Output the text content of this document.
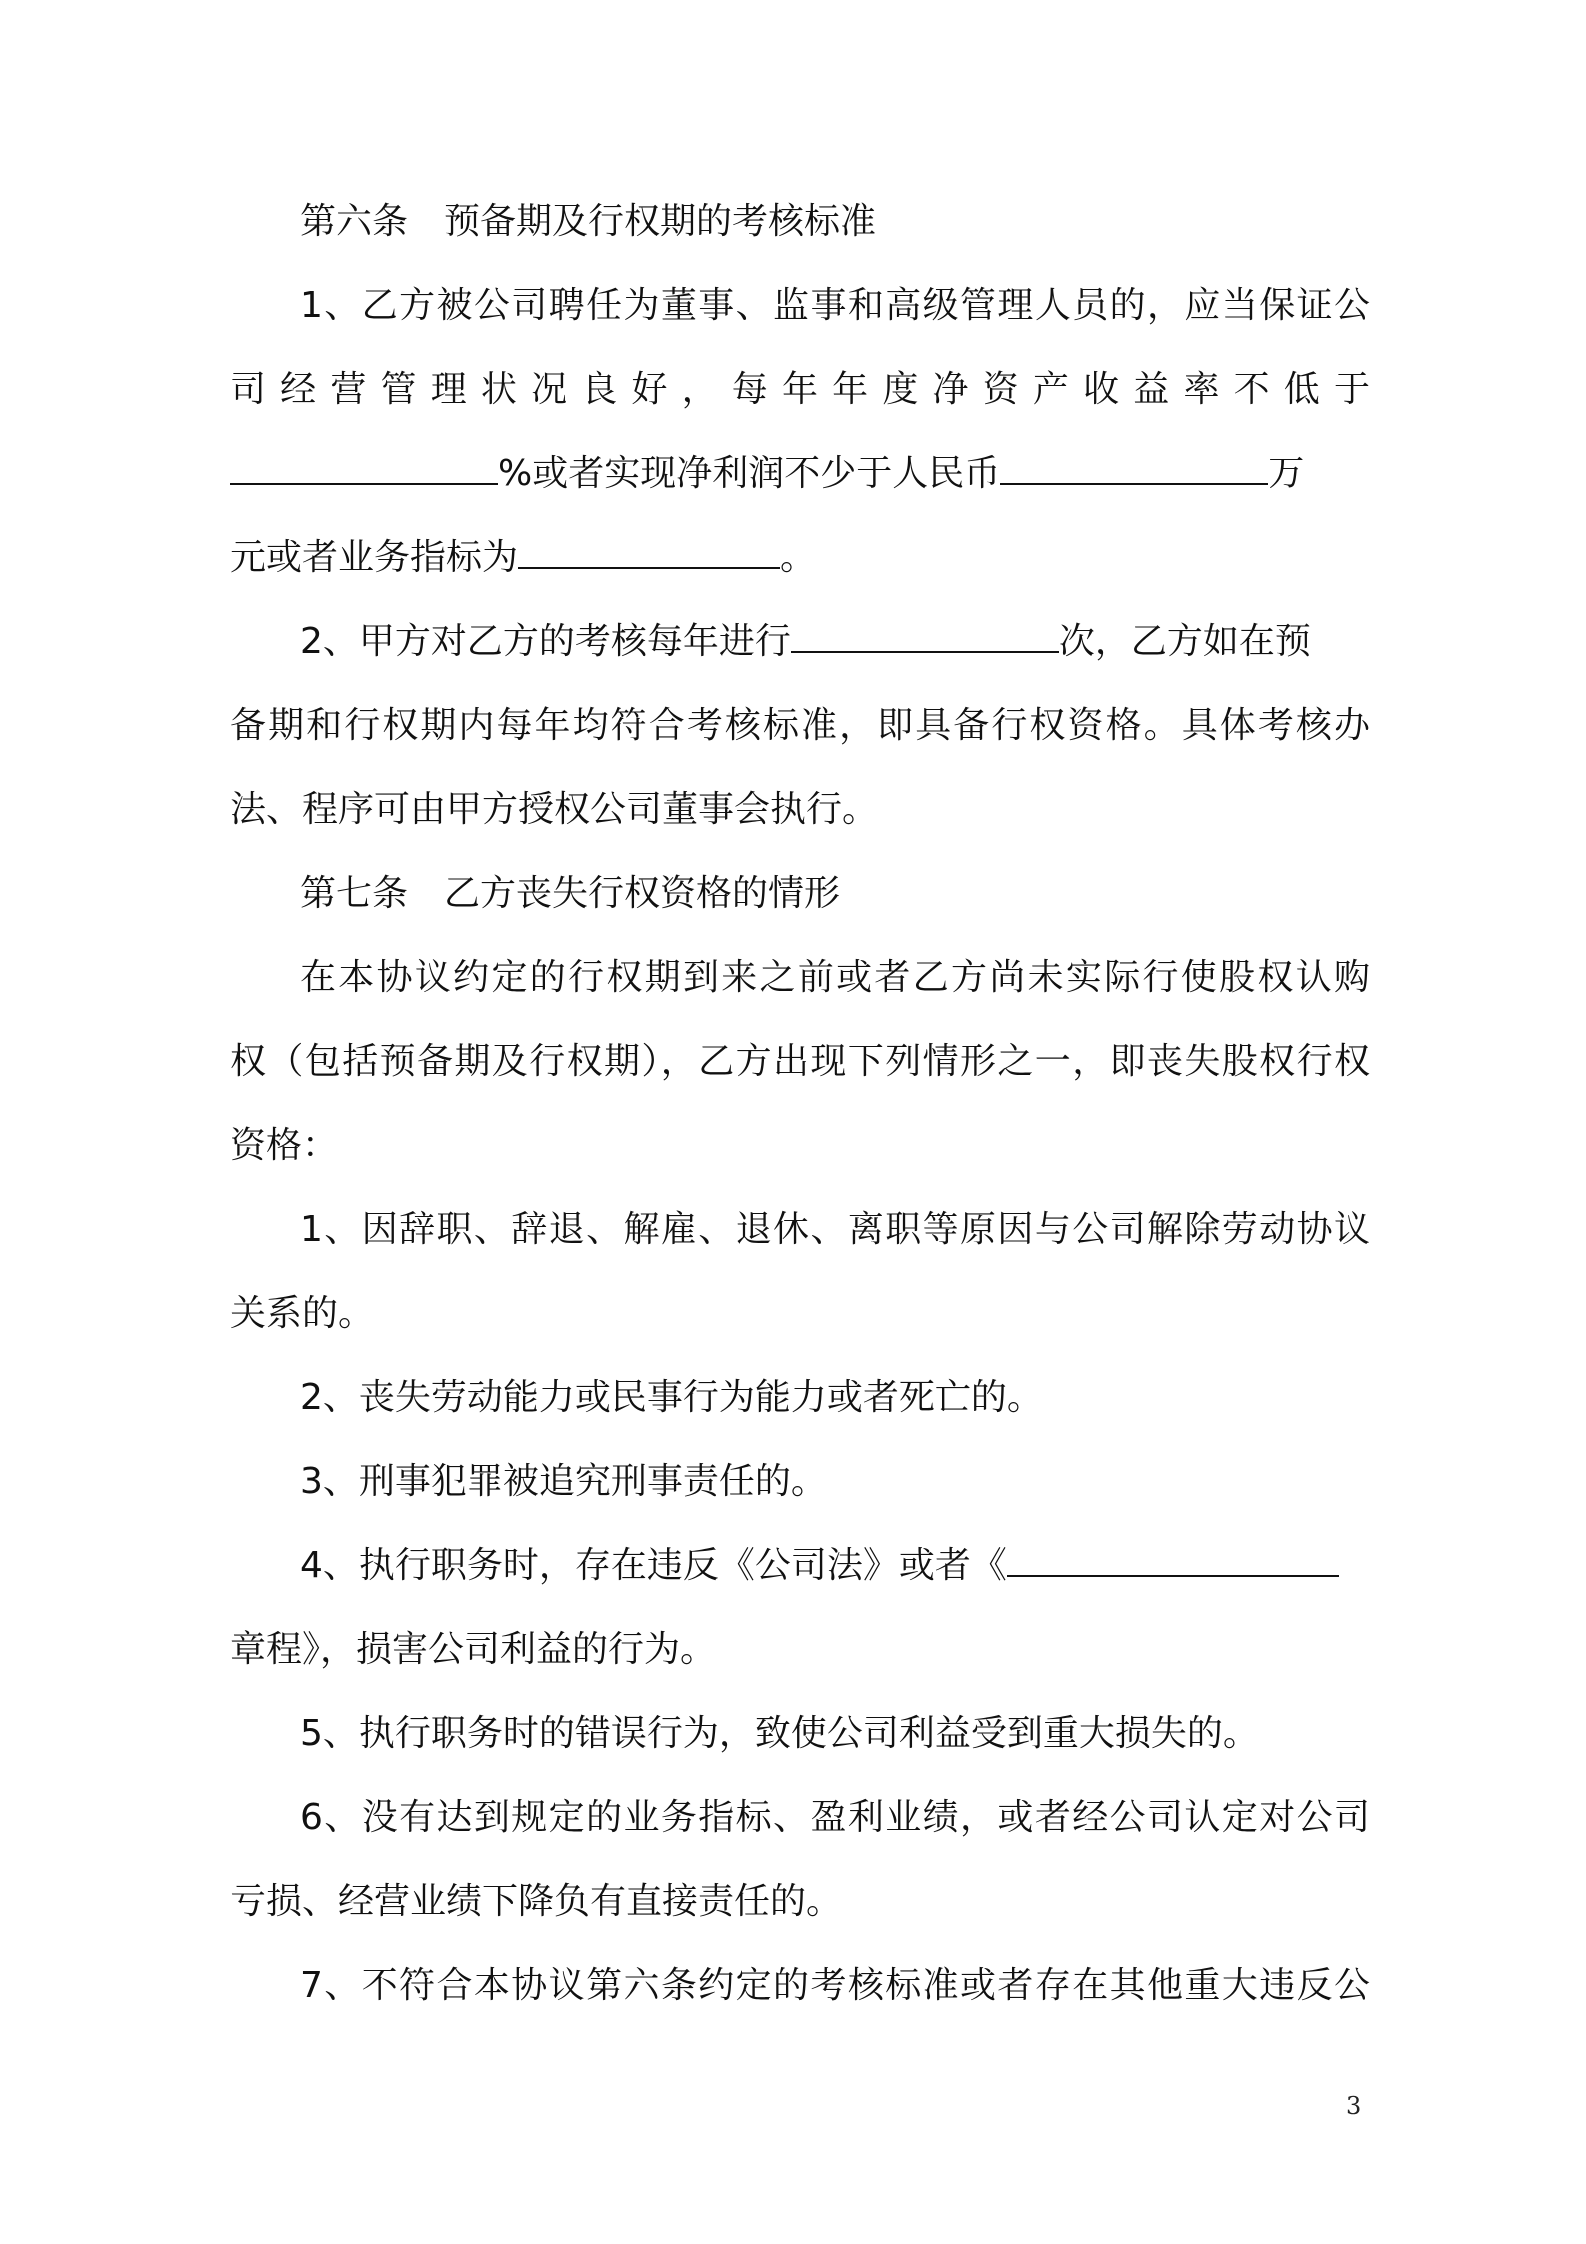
第六条　预备期及行权期的考核标准
1、乙方被公司聘任为董事、监事和高级管理人员的，应当保证公
司经营管理状况良好，每年年度净资产收益率不低于
%或者实现净利润不少于人民币	万
元或者业务指标为	。
2、甲方对乙方的考核每年进行	次，乙方如在预
备期和行权期内每年均符合考核标准，即具备行权资格。具体考核办
法、程序可由甲方授权公司董事会执行。
第七条　乙方丧失行权资格的情形
在本协议约定的行权期到来之前或者乙方尚未实际行使股权认购
权（包括预备期及行权期），乙方出现下列情形之一，即丧失股权行权
资格：
1、因辞职、辞退、解雇、退休、离职等原因与公司解除劳动协议
关系的。
2、丧失劳动能力或民事行为能力或者死亡的。
3、刑事犯罪被追究刑事责任的。
4、执行职务时，存在违反《公司法》或者《
章程》，损害公司利益的行为。
5、执行职务时的错误行为，致使公司利益受到重大损失的。
6、没有达到规定的业务指标、盈利业绩，或者经公司认定对公司
亏损、经营业绩下降负有直接责任的。
7、不符合本协议第六条约定的考核标准或者存在其他重大违反公
3
